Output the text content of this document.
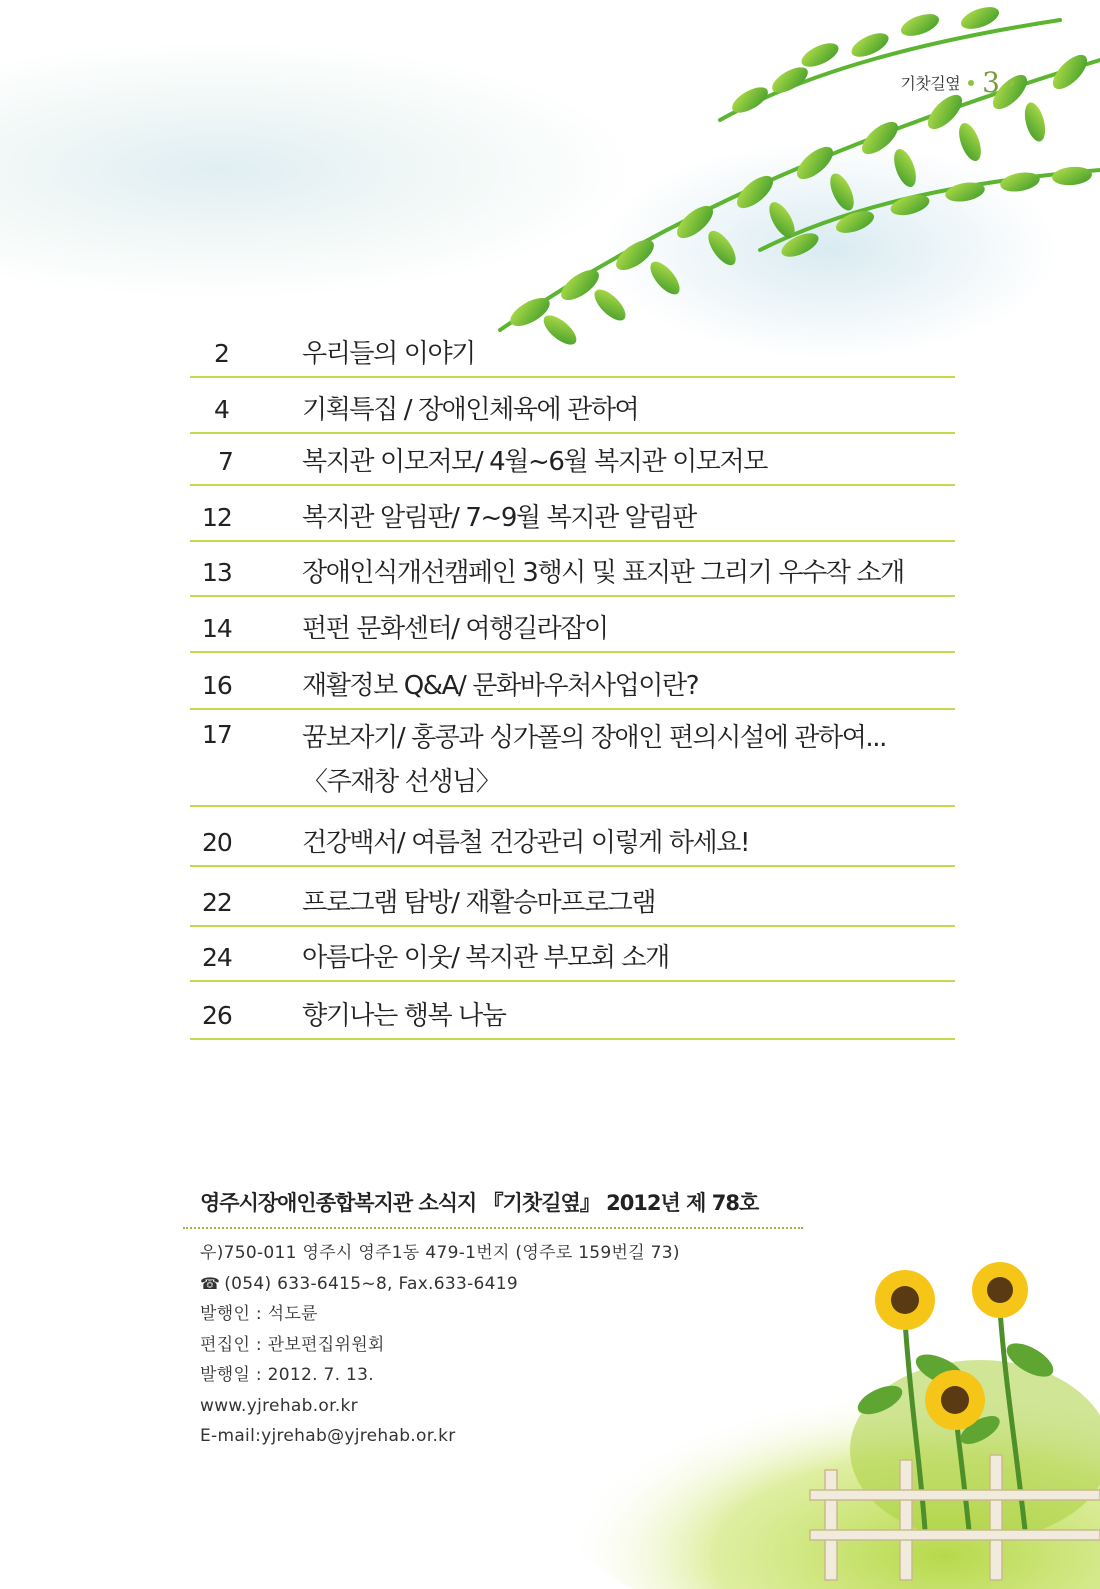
기찻길옆 3
2	우리들의 이야기
4	기획특집 / 장애인체육에 관하여
7	복지관 이모저모/ 4월~6월 복지관 이모저모
12	복지관 알림판/ 7~9월 복지관 알림판
13	장애인식개선캠페인 3행시 및 표지판 그리기 우수작 소개
14	펀펀 문화센터/ 여행길라잡이
16	재활정보 Q&A/ 문화바우처사업이란?
17	꿈보자기/ 홍콩과 싱가폴의 장애인 편의시설에 관하여...
〈주재창 선생님〉
20	건강백서/ 여름철 건강관리 이렇게 하세요!
22	프로그램 탐방/ 재활승마프로그램
24	아름다운 이웃/ 복지관 부모회 소개
26	향기나는 행복 나눔
영주시장애인종합복지관 소식지 『기찻길옆』 2012년 제 78호
우)750-011 영주시 영주1동 479-1번지 (영주로 159번길 73)
☎ (054) 633-6415~8, Fax.633-6419
발행인 : 석도륜
편집인 : 관보편집위원회
발행일 : 2012. 7. 13.
www.yjrehab.or.kr
E-mail:yjrehab@yjrehab.or.kr
